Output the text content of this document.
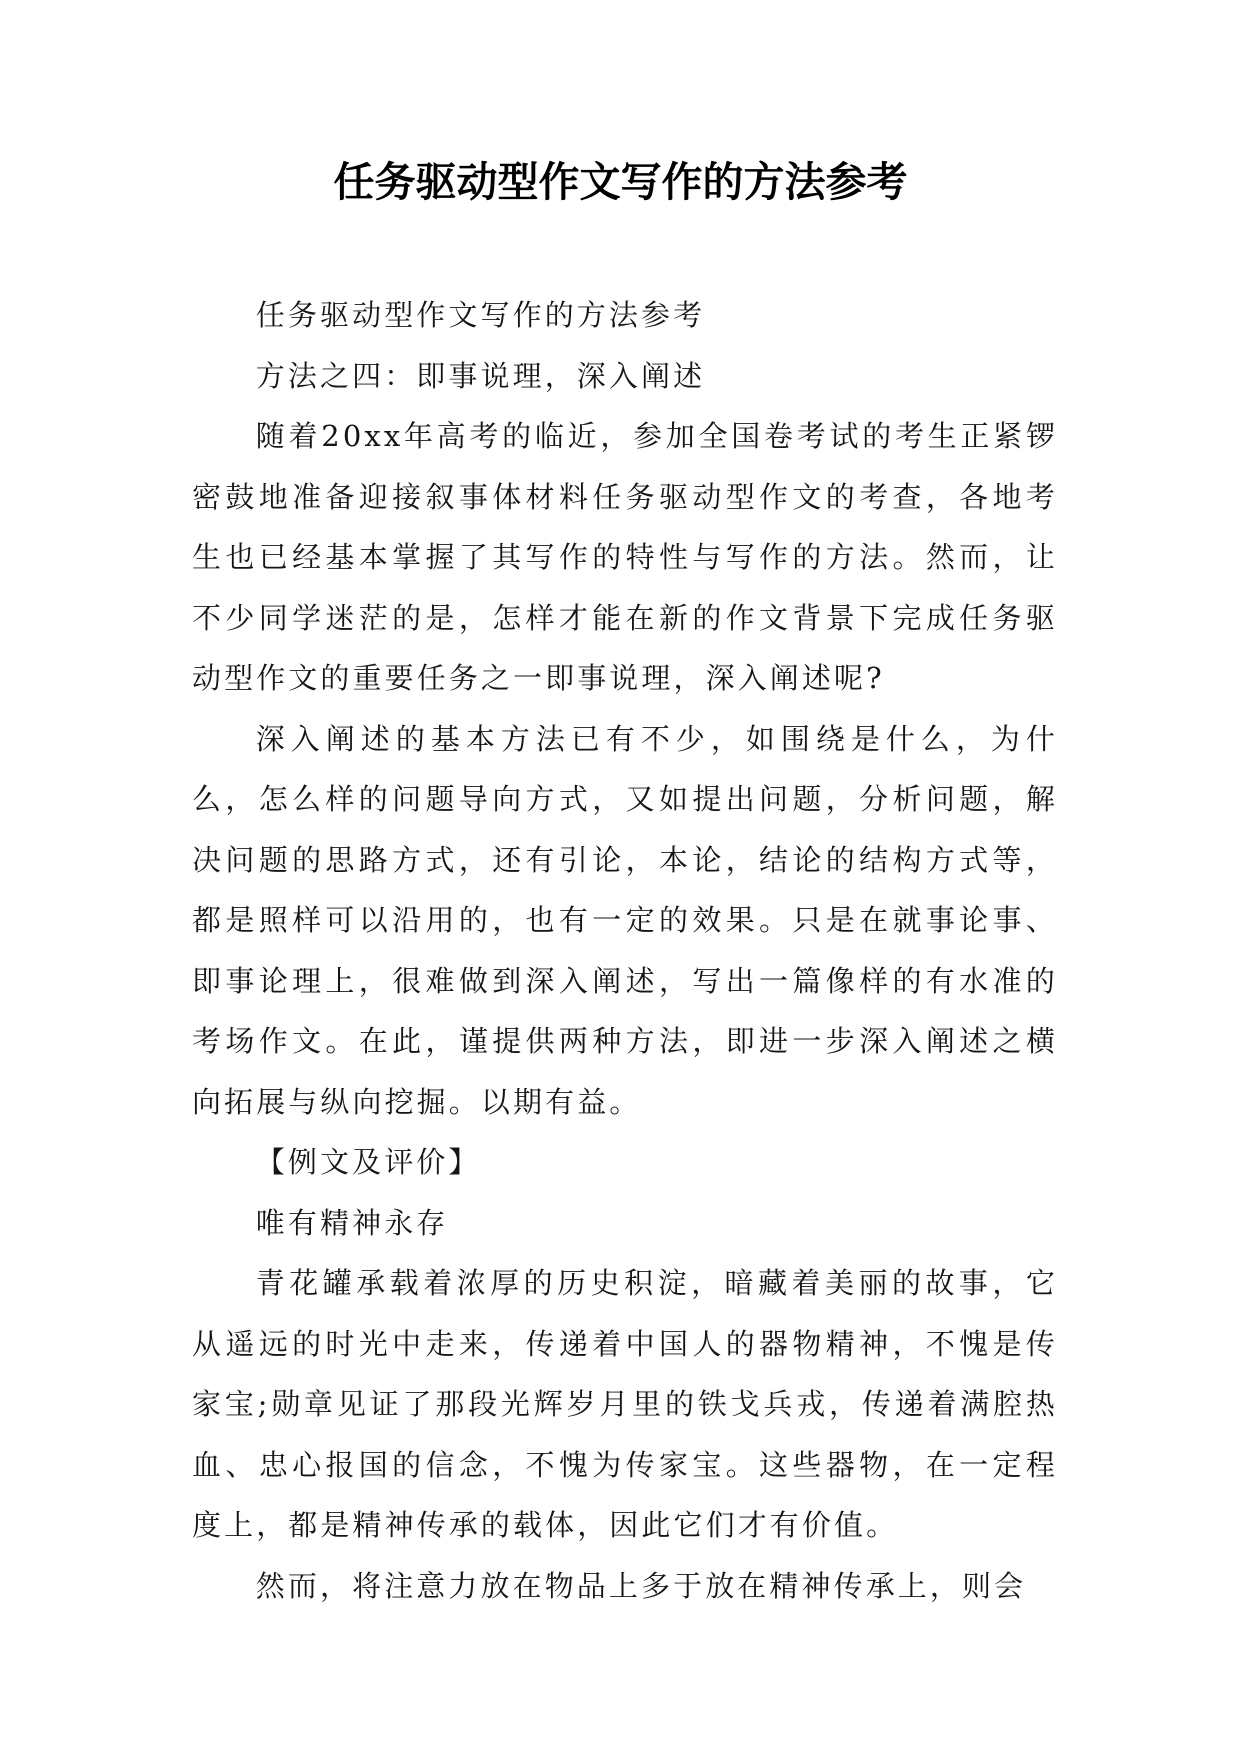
任务驱动型作文写作的方法参考

任务驱动型作文写作的方法参考

方法之四：即事说理，深入阐述

随着20xx年高考的临近，参加全国卷考试的考生正紧锣密鼓地准备迎接叙事体材料任务驱动型作文的考查，各地考生也已经基本掌握了其写作的特性与写作的方法。然而，让不少同学迷茫的是，怎样才能在新的作文背景下完成任务驱动型作文的重要任务之一即事说理，深入阐述呢?

深入阐述的基本方法已有不少，如围绕是什么，为什么，怎么样的问题导向方式，又如提出问题，分析问题，解决问题的思路方式，还有引论，本论，结论的结构方式等，都是照样可以沿用的，也有一定的效果。只是在就事论事、即事论理上，很难做到深入阐述，写出一篇像样的有水准的考场作文。在此，谨提供两种方法，即进一步深入阐述之横向拓展与纵向挖掘。以期有益。

【例文及评价】

唯有精神永存

青花罐承载着浓厚的历史积淀，暗藏着美丽的故事，它从遥远的时光中走来，传递着中国人的器物精神，不愧是传家宝;勋章见证了那段光辉岁月里的铁戈兵戎，传递着满腔热血、忠心报国的信念，不愧为传家宝。这些器物，在一定程度上，都是精神传承的载体，因此它们才有价值。

然而，将注意力放在物品上多于放在精神传承上，则会
